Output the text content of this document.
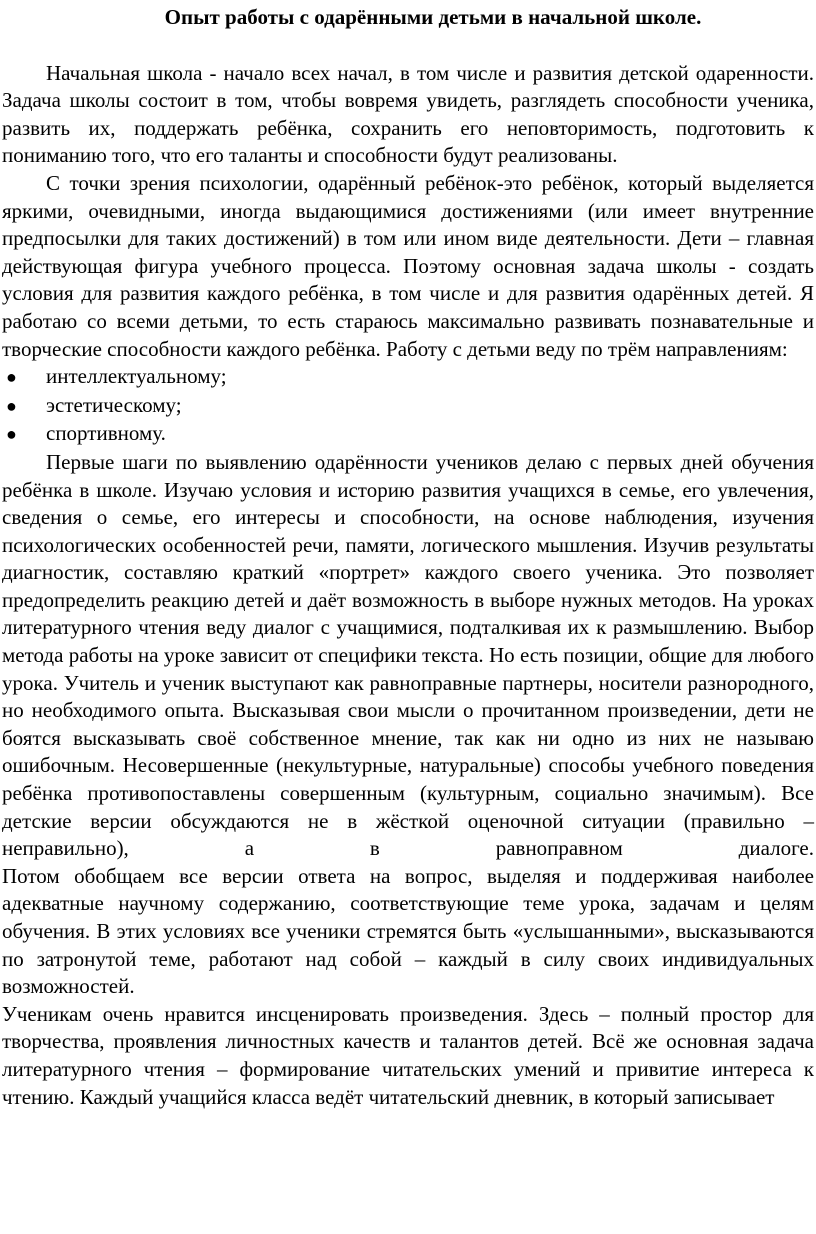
Опыт работы с одарёнными детьми в начальной школе.

Начальная школа - начало всех начал, в том числе и развития детской одаренности. Задача школы состоит в том, чтобы вовремя увидеть, разглядеть способности ученика, развить их, поддержать ребёнка, сохранить его неповторимость, подготовить к пониманию того, что его таланты и способности будут реализованы.

С точки зрения психологии, одарённый ребёнок-это ребёнок, который выделяется яркими, очевидными, иногда выдающимися достижениями (или имеет внутренние предпосылки для таких достижений) в том или ином виде деятельности. Дети – главная действующая фигура учебного процесса. Поэтому основная задача школы - создать условия для развития каждого ребёнка, в том числе и для развития одарённых детей. Я работаю со всеми детьми, то есть стараюсь максимально развивать познавательные и творческие способности каждого ребёнка. Работу с детьми веду по трём направлениям:

●	интеллектуальному;
●	эстетическому;
●	спортивному.

Первые шаги по выявлению одарённости учеников делаю с первых дней обучения ребёнка в школе. Изучаю условия и историю развития учащихся в семье, его увлечения, сведения о семье, его интересы и способности, на основе наблюдения, изучения психологических особенностей речи, памяти, логического мышления. Изучив результаты диагностик, составляю краткий «портрет» каждого своего ученика. Это позволяет предопределить реакцию детей и даёт возможность в выборе нужных методов. На уроках литературного чтения веду диалог с учащимися, подталкивая их к размышлению. Выбор метода работы на уроке зависит от специфики текста. Но есть позиции, общие для любого урока. Учитель и ученик выступают как равноправные партнеры, носители разнородного, но необходимого опыта. Высказывая свои мысли о прочитанном произведении, дети не боятся высказывать своё собственное мнение, так как ни одно из них не называю ошибочным. Несовершенные (некультурные, натуральные) способы учебного поведения ребёнка противопоставлены совершенным (культурным, социально значимым). Все детские версии обсуждаются не в жёсткой оценочной ситуации (правильно – неправильно), а в равноправном диалоге.

Потом обобщаем все версии ответа на вопрос, выделяя и поддерживая наиболее адекватные научному содержанию, соответствующие теме урока, задачам и целям обучения. В этих условиях все ученики стремятся быть «услышанными», высказываются по затронутой теме, работают над собой – каждый в силу своих индивидуальных возможностей.

Ученикам очень нравится инсценировать произведения. Здесь – полный простор для творчества, проявления личностных качеств и талантов детей. Всё же основная задача литературного чтения – формирование читательских умений и привитие интереса к чтению. Каждый учащийся класса ведёт читательский дневник, в который записывает
